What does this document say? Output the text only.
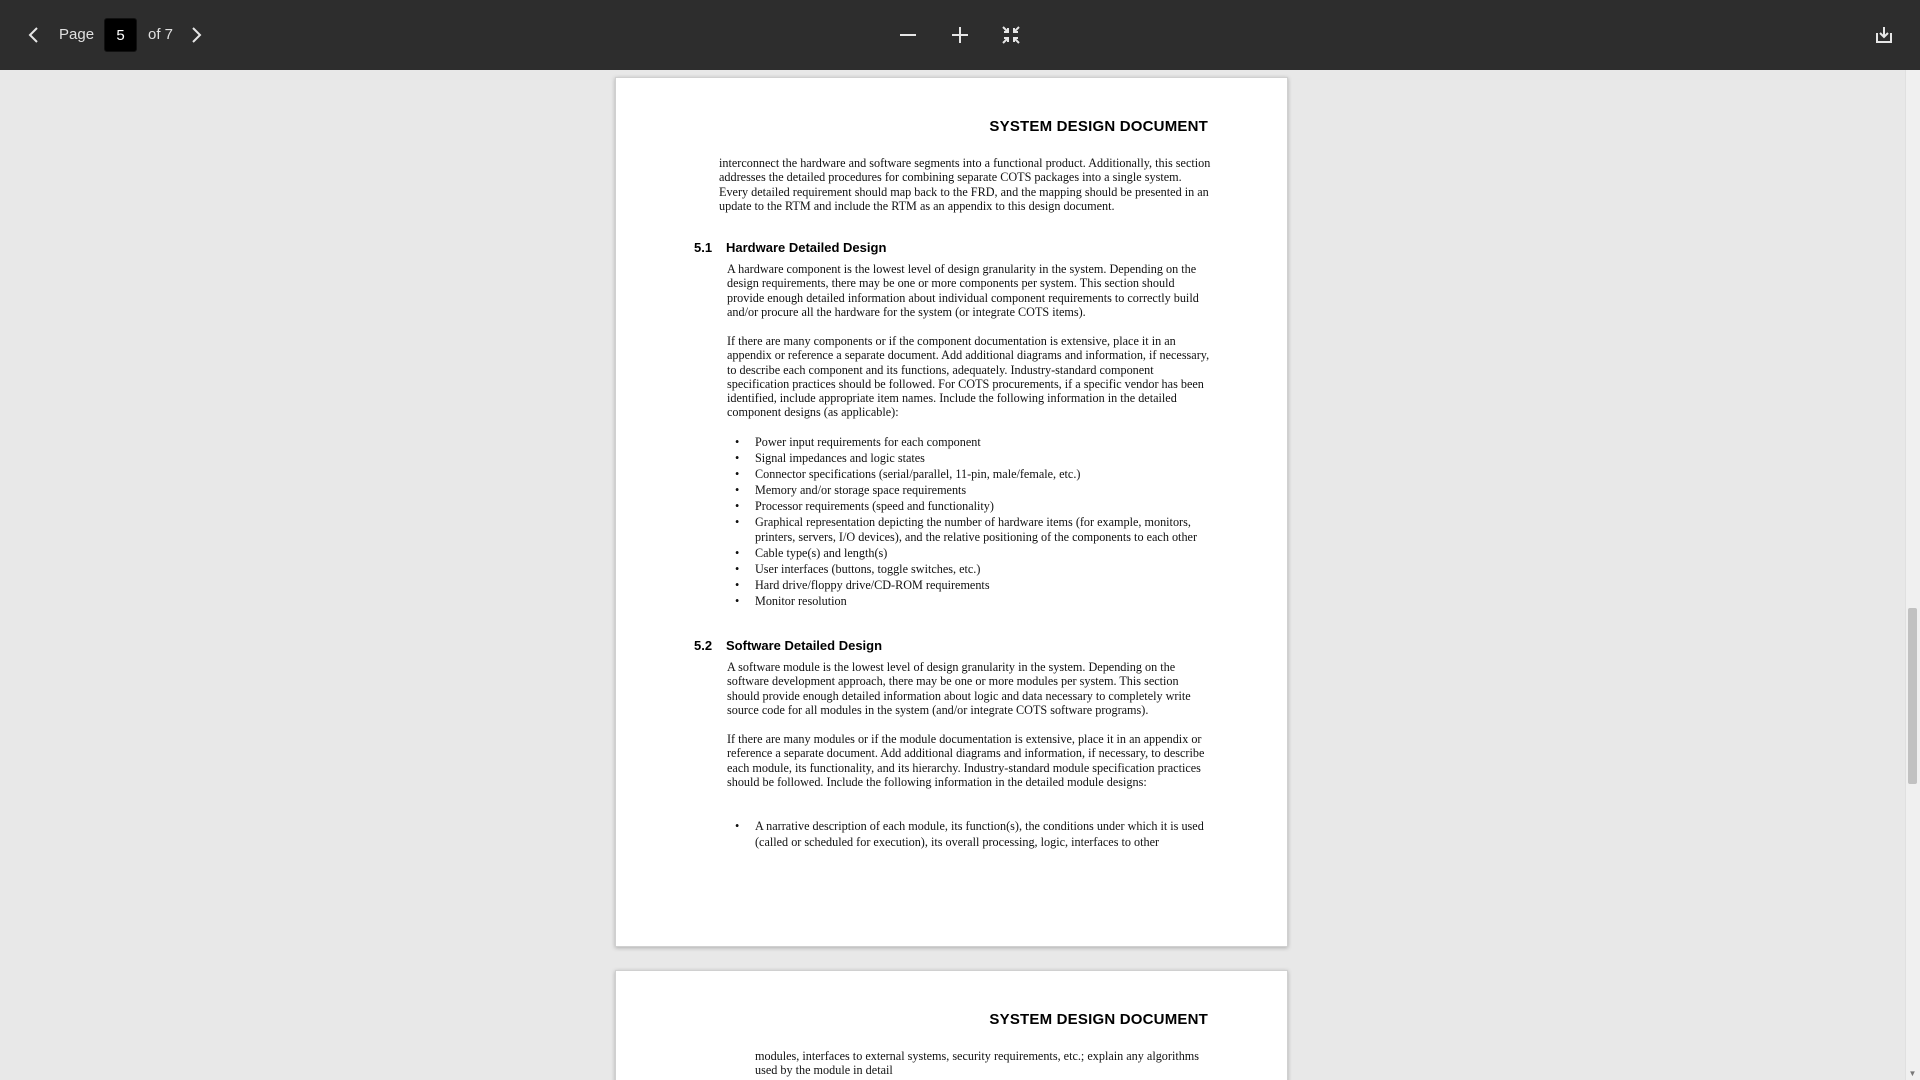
Page
5	of 7
SYSTEM DESIGN DOCUMENT
interconnect the hardware and software segments into a functional product. Additionally, this section addresses the detailed procedures for combining separate COTS packages into a single system. Every detailed requirement should map back to the FRD, and the mapping should be presented in an update to the RTM and include the RTM as an appendix to this design document.
5.1 Hardware Detailed Design
A hardware component is the lowest level of design granularity in the system. Depending on the design requirements, there may be one or more components per system. This section should provide enough detailed information about individual component requirements to correctly build and/or procure all the hardware for the system (or integrate COTS items).
If there are many components or if the component documentation is extensive, place it in an appendix or reference a separate document. Add additional diagrams and information, if necessary, to describe each component and its functions, adequately. Industry-standard component specification practices should be followed. For COTS procurements, if a specific vendor has been identified, include appropriate item names. Include the following information in the detailed component designs (as applicable):
• Power input requirements for each component
• Signal impedances and logic states
• Connector specifications (serial/parallel, 11-pin, male/female, etc.)
• Memory and/or storage space requirements
• Processor requirements (speed and functionality)
• Graphical representation depicting the number of hardware items (for example, monitors, printers, servers, I/O devices), and the relative positioning of the components to each other
• Cable type(s) and length(s)
• User interfaces (buttons, toggle switches, etc.)
• Hard drive/floppy drive/CD-ROM requirements
• Monitor resolution
5.2 Software Detailed Design
A software module is the lowest level of design granularity in the system. Depending on the software development approach, there may be one or more modules per system. This section should provide enough detailed information about logic and data necessary to completely write source code for all modules in the system (and/or integrate COTS software programs).
If there are many modules or if the module documentation is extensive, place it in an appendix or reference a separate document. Add additional diagrams and information, if necessary, to describe each module, its functionality, and its hierarchy. Industry-standard module specification practices should be followed. Include the following information in the detailed module designs:
• A narrative description of each module, its function(s), the conditions under which it is used (called or scheduled for execution), its overall processing, logic, interfaces to other
SYSTEM DESIGN DOCUMENT
modules, interfaces to external systems, security requirements, etc.; explain any algorithms used by the module in detail	▼
